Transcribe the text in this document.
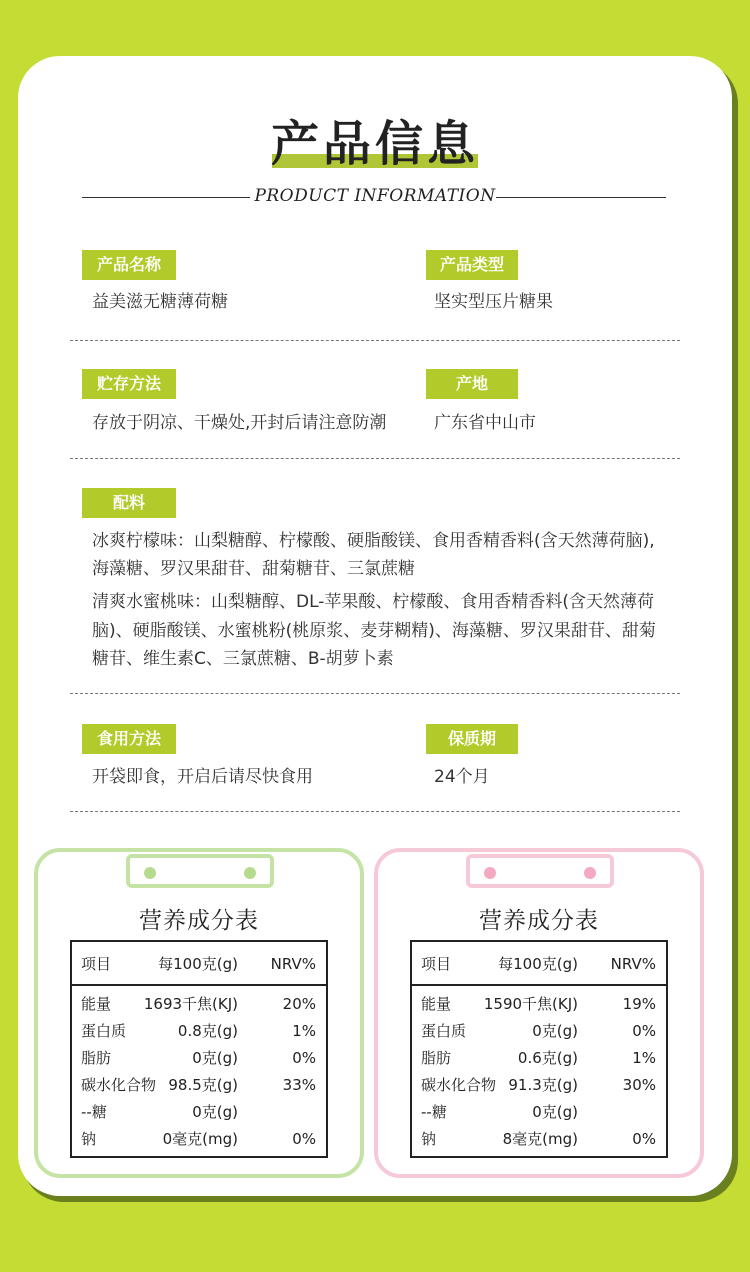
产品信息
PRODUCT INFORMATION
产品名称
益美滋无糖薄荷糖
产品类型
坚实型压片糖果
贮存方法
存放于阴凉、干燥处,开封后请注意防潮
产地
广东省中山市
配料
冰爽柠檬味：山梨糖醇、柠檬酸、硬脂酸镁、食用香精香料(含天然薄荷脑),
海藻糖、罗汉果甜苷、甜菊糖苷、三氯蔗糖
清爽水蜜桃味：山梨糖醇、DL-苹果酸、柠檬酸、食用香精香料(含天然薄荷
脑)、硬脂酸镁、水蜜桃粉(桃原浆、麦芽糊精)、海藻糖、罗汉果甜苷、甜菊
糖苷、维生素C、三氯蔗糖、B-胡萝卜素
食用方法
开袋即食，开启后请尽快食用
保质期
24个月
营养成分表
项目	每100克(g) NRV%
能量 1693千焦(KJ)	20%
蛋白质	0.8克(g)	1%
脂肪	0克(g)	0%
碳水化合物 98.5克(g)	33%
--糖	0克(g)
钠	0毫克(mg)	0%
营养成分表
项目	每100克(g) NRV%
能量 1590千焦(KJ)	19%
蛋白质	0克(g)	0%
脂肪	0.6克(g)	1%
碳水化合物 91.3克(g)	30%
--糖	0克(g)
钠	8毫克(mg)	0%
